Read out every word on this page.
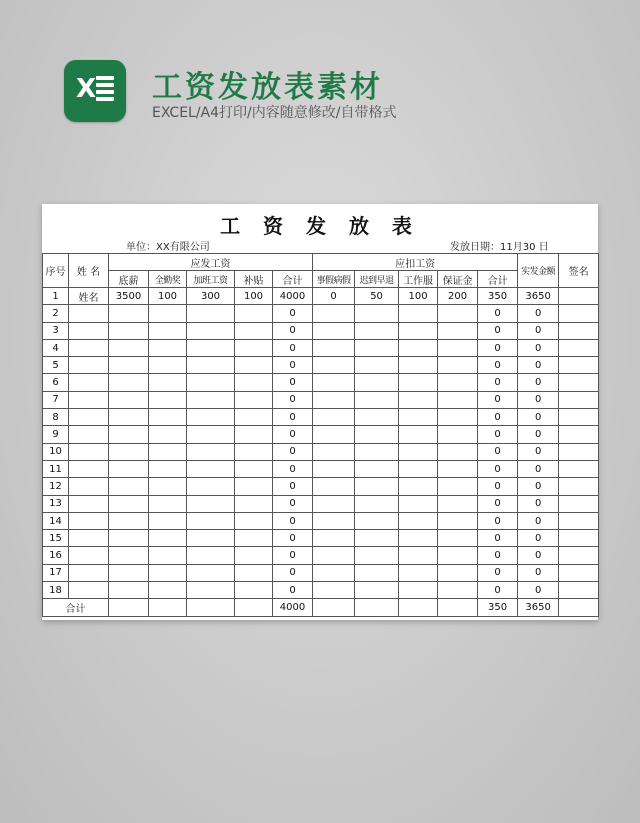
X 工资发放表素材
EXCEL/A4打印/内容随意修改/自带格式
工 资 发 放 表
单位：XX有限公司	发放日期：11月30 日
序号	姓 名	应发工资					应扣工资					实发金额	签名
		底薪	全勤奖	加班工资	补贴	合计	事假病假	迟到早退	工作服	保证金	合计		
1	姓名	3500	100	300	100	4000	0	50	100	200	350	3650	
2						0					0	0	
3						0					0	0	
4						0					0	0	
5						0					0	0	
6						0					0	0	
7						0					0	0	
8						0					0	0	
9						0					0	0	
10						0					0	0	
11						0					0	0	
12						0					0	0	
13						0					0	0	
14						0					0	0	
15						0					0	0	
16						0					0	0	
17						0					0	0	
18						0					0	0	
合计						4000					350	3650	
